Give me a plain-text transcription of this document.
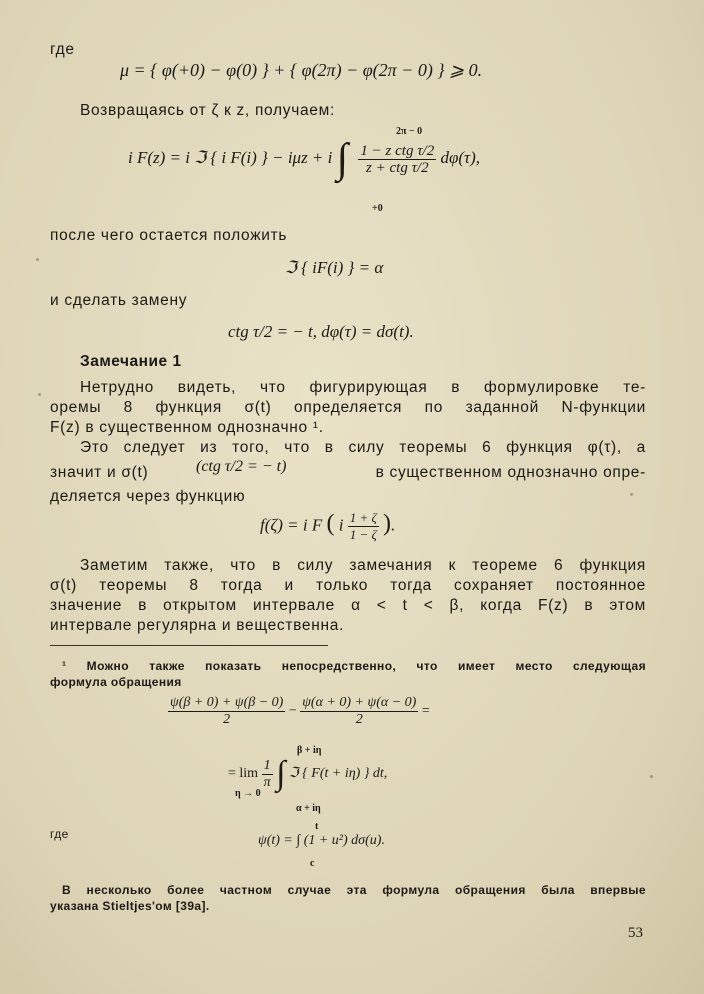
где
μ = { φ(+0) − φ(0) } + { φ(2π) − φ(2π − 0) } ⩾ 0.
Возвращаясь от ζ к z, получаем:
i F(z) = i ℑ { i F(i) } − iμz + i ∫ $\frac{\text{1 − z ctg τ/2}}{\text{z + ctg τ/2}} d\varphi(\tau)$,
2π − 0
+0
после чего остается положить
ℑ { iF(i) } = α
и сделать замену
ctg τ/2 = − t, dφ(τ) = dσ(t).
Замечание 1
Нетрудно видеть, что фигурирующая в формулировке те-
оремы 8 функция σ(t) определяется по заданной N-функции
F(z) в существенном однозначно ¹.
Это следует из того, что в силу теоремы 6 функция φ(τ), а
значит и σ(t)	(ctg τ/2 = − t)	в существенном однозначно опре-
деляется через функцию
f(ζ) = i F ( i $\frac{1 + \zeta}{1 - \zeta}$ ).
Заметим также, что в силу замечания к теореме 6 функция
σ(t) теоремы 8 тогда и только тогда сохраняет постоянное
значение в открытом интервале α < t < β, когда F(z) в этом
интервале регулярна и вещественна.
¹ Можно также показать непосредственно, что имеет место следующая
формула обращения
$\frac{\psi(\beta + 0) + \psi(\beta - 0)}{2} - \frac{\psi(\alpha + 0) + \psi(\alpha - 0)}{2}$ =
= $\lim \frac{1}{\pi}$ ∫ ℑ { F(t + iη) } dt,
η → 0
β + iη
α + iη
где	ψ(t) = ∫ (1 + u²) dσ(u).
t
c
В несколько более частном случае эта формула обращения была впервые
указана Stieltjes'ом [39a].
53
